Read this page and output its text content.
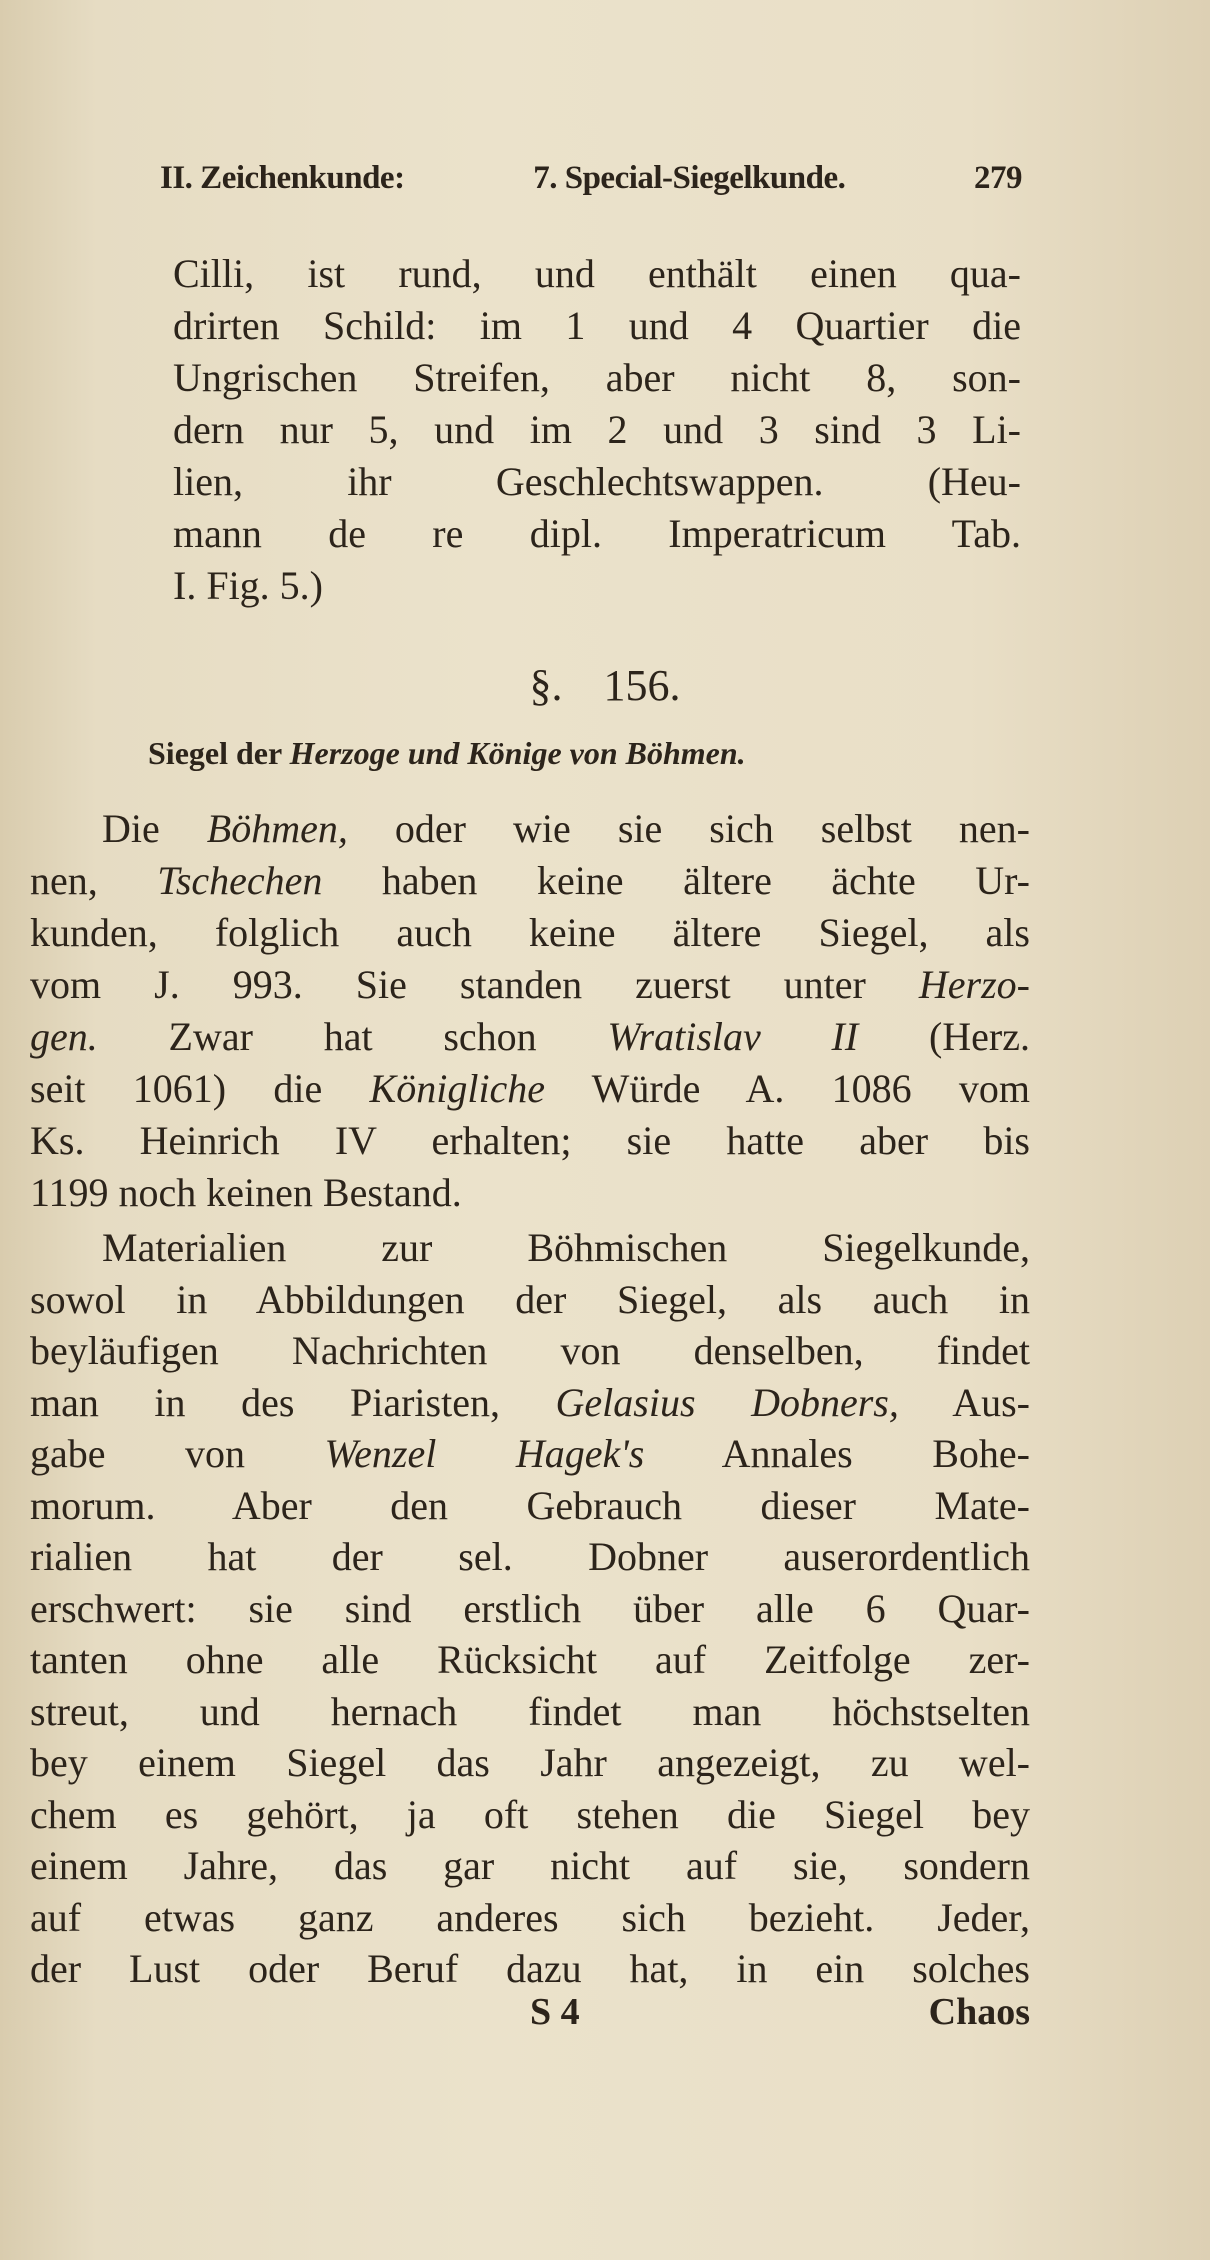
II. Zeichenkunde:	7. Special-Siegelkunde.	279
Cilli, ist rund, und enthält einen qua-
drirten Schild: im 1 und 4 Quartier die
Ungrischen Streifen, aber nicht 8, son-
dern nur 5, und im 2 und 3 sind 3 Li-
lien, ihr Geschlechtswappen. (Heu-
mann de re dipl. Imperatricum Tab.
I. Fig. 5.)
§. 156.
Siegel der Herzoge und Könige von Böhmen.
Die Böhmen, oder wie sie sich selbst nen-
nen, Tschechen haben keine ältere ächte Ur-
kunden, folglich auch keine ältere Siegel, als
vom J. 993. Sie standen zuerst unter Herzo-
gen. Zwar hat schon Wratislav II (Herz.
seit 1061) die Königliche Würde A. 1086 vom
Ks. Heinrich IV erhalten; sie hatte aber bis
1199 noch keinen Bestand.
Materialien zur Böhmischen Siegelkunde,
sowol in Abbildungen der Siegel, als auch in
beyläufigen Nachrichten von denselben, findet
man in des Piaristen, Gelasius Dobners, Aus-
gabe von Wenzel Hagek's Annales Bohe-
morum. Aber den Gebrauch dieser Mate-
rialien hat der sel. Dobner auserordentlich
erschwert: sie sind erstlich über alle 6 Quar-
tanten ohne alle Rücksicht auf Zeitfolge zer-
streut, und hernach findet man höchstselten
bey einem Siegel das Jahr angezeigt, zu wel-
chem es gehört, ja oft stehen die Siegel bey
einem Jahre, das gar nicht auf sie, sondern
auf etwas ganz anderes sich bezieht. Jeder,
der Lust oder Beruf dazu hat, in ein solches
S 4	Chaos
